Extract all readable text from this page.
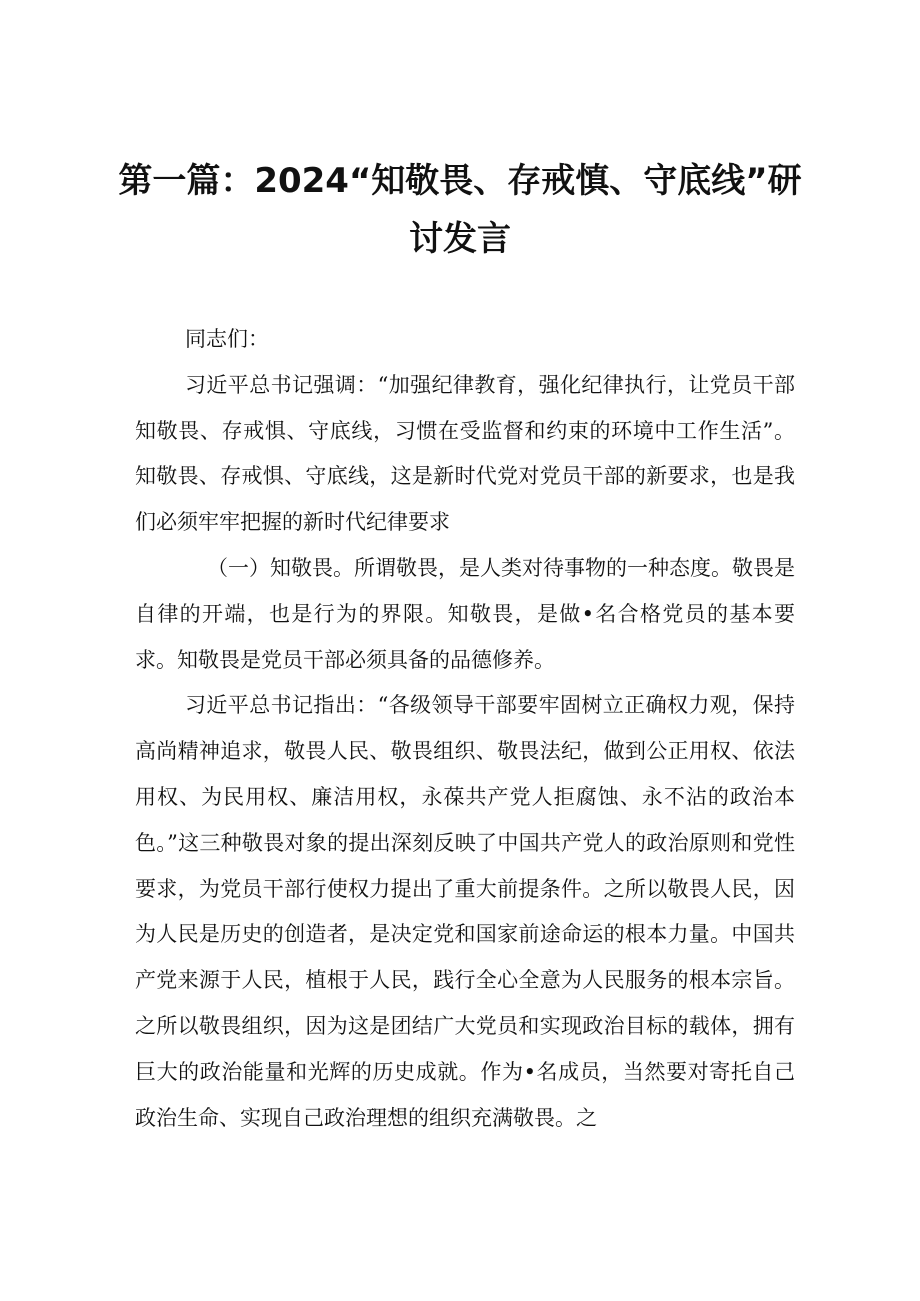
第一篇：2024“知敬畏、存戒慎、守底线”研
讨发言

同志们：

习近平总书记强调：“加强纪律教育，强化纪律执行，让党员干部知敬畏、存戒惧、守底线，习惯在受监督和约束的环境中工作生活”。知敬畏、存戒惧、守底线，这是新时代党对党员干部的新要求，也是我们必须牢牢把握的新时代纪律要求

（一）知敬畏。所谓敬畏，是人类对待事物的一种态度。敬畏是自律的开端，也是行为的界限。知敬畏，是做•名合格党员的基本要求。知敬畏是党员干部必须具备的品德修养。

习近平总书记指出：“各级领导干部要牢固树立正确权力观，保持高尚精神追求，敬畏人民、敬畏组织、敬畏法纪，做到公正用权、依法用权、为民用权、廉洁用权，永葆共产党人拒腐蚀、永不沾的政治本色。”这三种敬畏对象的提出深刻反映了中国共产党人的政治原则和党性要求，为党员干部行使权力提出了重大前提条件。之所以敬畏人民，因为人民是历史的创造者，是决定党和国家前途命运的根本力量。中国共产党来源于人民，植根于人民，践行全心全意为人民服务的根本宗旨。之所以敬畏组织，因为这是团结广大党员和实现政治目标的载体，拥有巨大的政治能量和光辉的历史成就。作为•名成员，当然要对寄托自己政治生命、实现自己政治理想的组织充满敬畏。之
